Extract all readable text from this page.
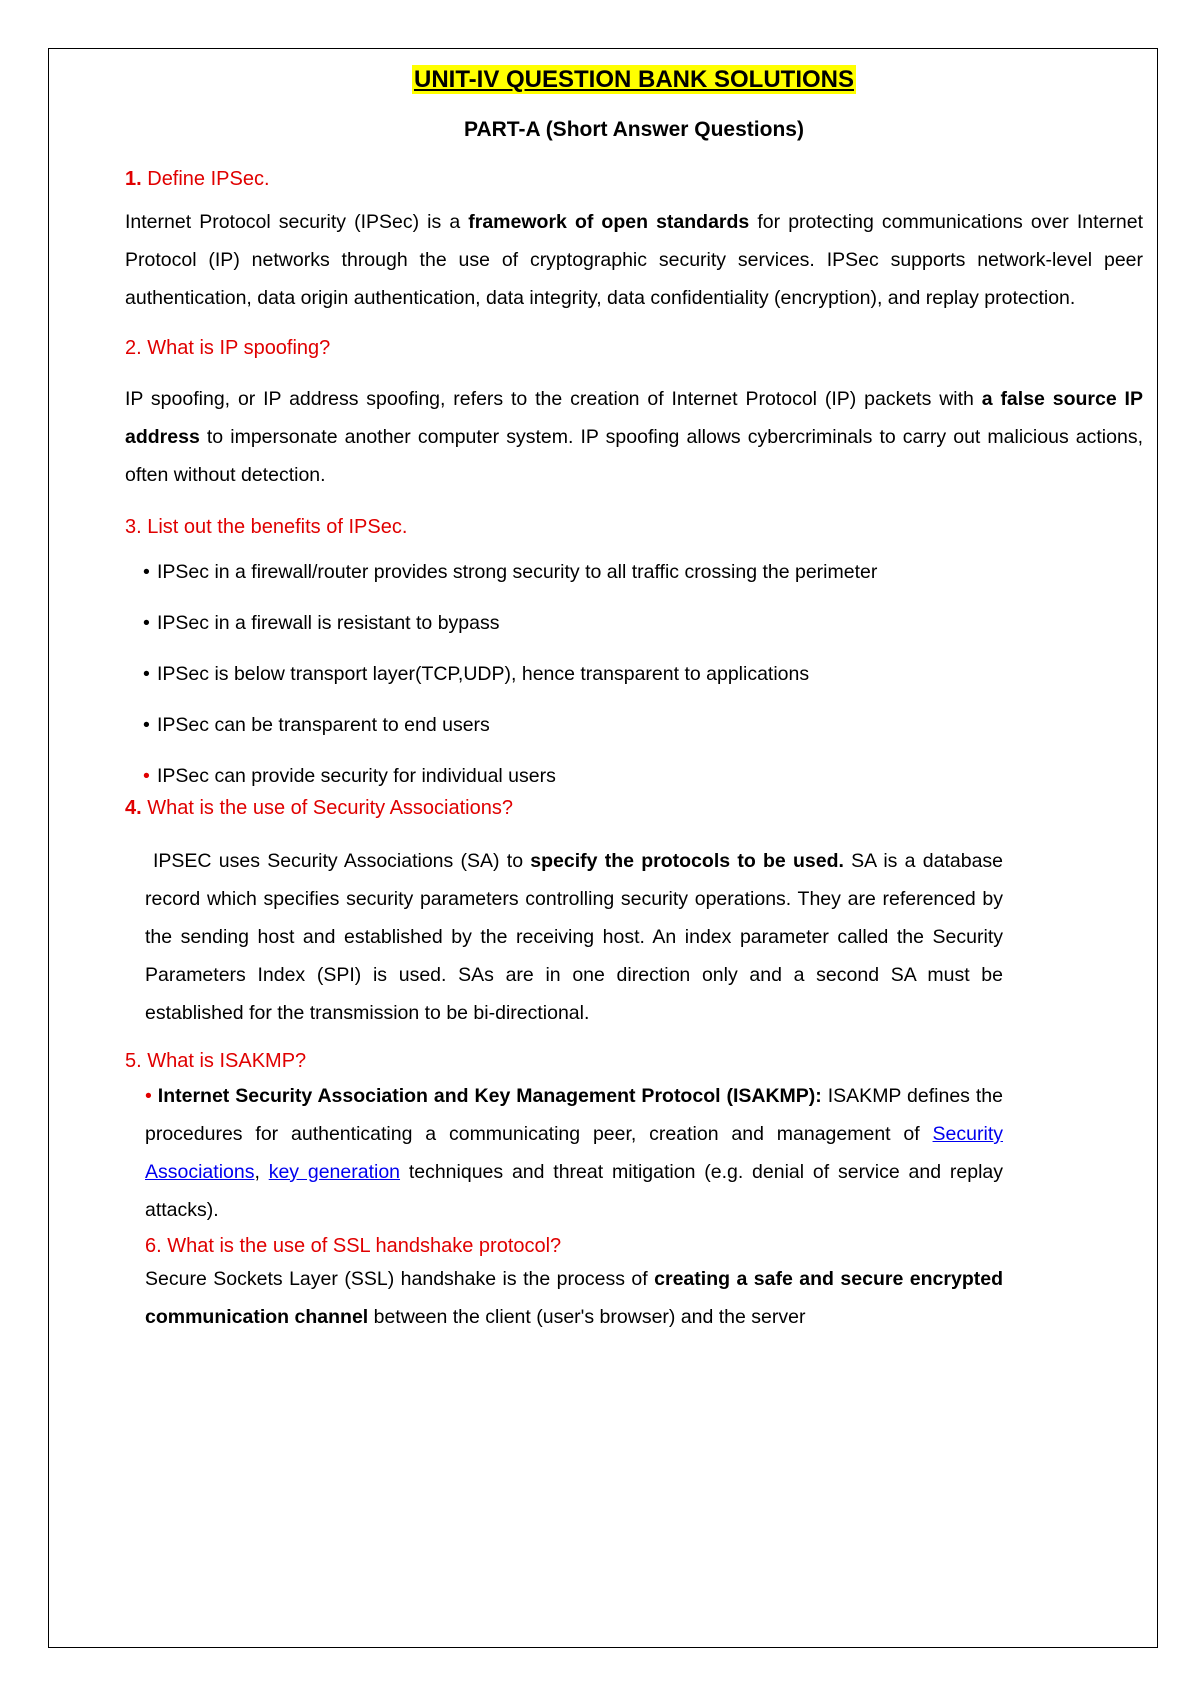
UNIT-IV QUESTION BANK SOLUTIONS
PART-A (Short Answer Questions)
1. Define IPSec.

Internet Protocol security (IPSec) is a framework of open standards for protecting communications over Internet Protocol (IP) networks through the use of cryptographic security services. IPSec supports network-level peer authentication, data origin authentication, data integrity, data confidentiality (encryption), and replay protection.

2. What is IP spoofing?

IP spoofing, or IP address spoofing, refers to the creation of Internet Protocol (IP) packets with a false source IP address to impersonate another computer system. IP spoofing allows cybercriminals to carry out malicious actions, often without detection.

3. List out the benefits of IPSec.
• IPSec in a firewall/router provides strong security to all traffic crossing the perimeter
• IPSec in a firewall is resistant to bypass
• IPSec is below transport layer(TCP,UDP), hence transparent to applications
• IPSec can be transparent to end users
• IPSec can provide security for individual users
4. What is the use of Security Associations?

IPSEC uses Security Associations (SA) to specify the protocols to be used. SA is a database record which specifies security parameters controlling security operations. They are referenced by the sending host and established by the receiving host. An index parameter called the Security Parameters Index (SPI) is used. SAs are in one direction only and a second SA must be established for the transmission to be bi-directional.

5. What is ISAKMP?

• Internet Security Association and Key Management Protocol (ISAKMP): ISAKMP defines the procedures for authenticating a communicating peer, creation and management of Security Associations, key generation techniques and threat mitigation (e.g. denial of service and replay attacks).

6. What is the use of SSL handshake protocol?

Secure Sockets Layer (SSL) handshake is the process of creating a safe and secure encrypted communication channel between the client (user's browser) and the server
